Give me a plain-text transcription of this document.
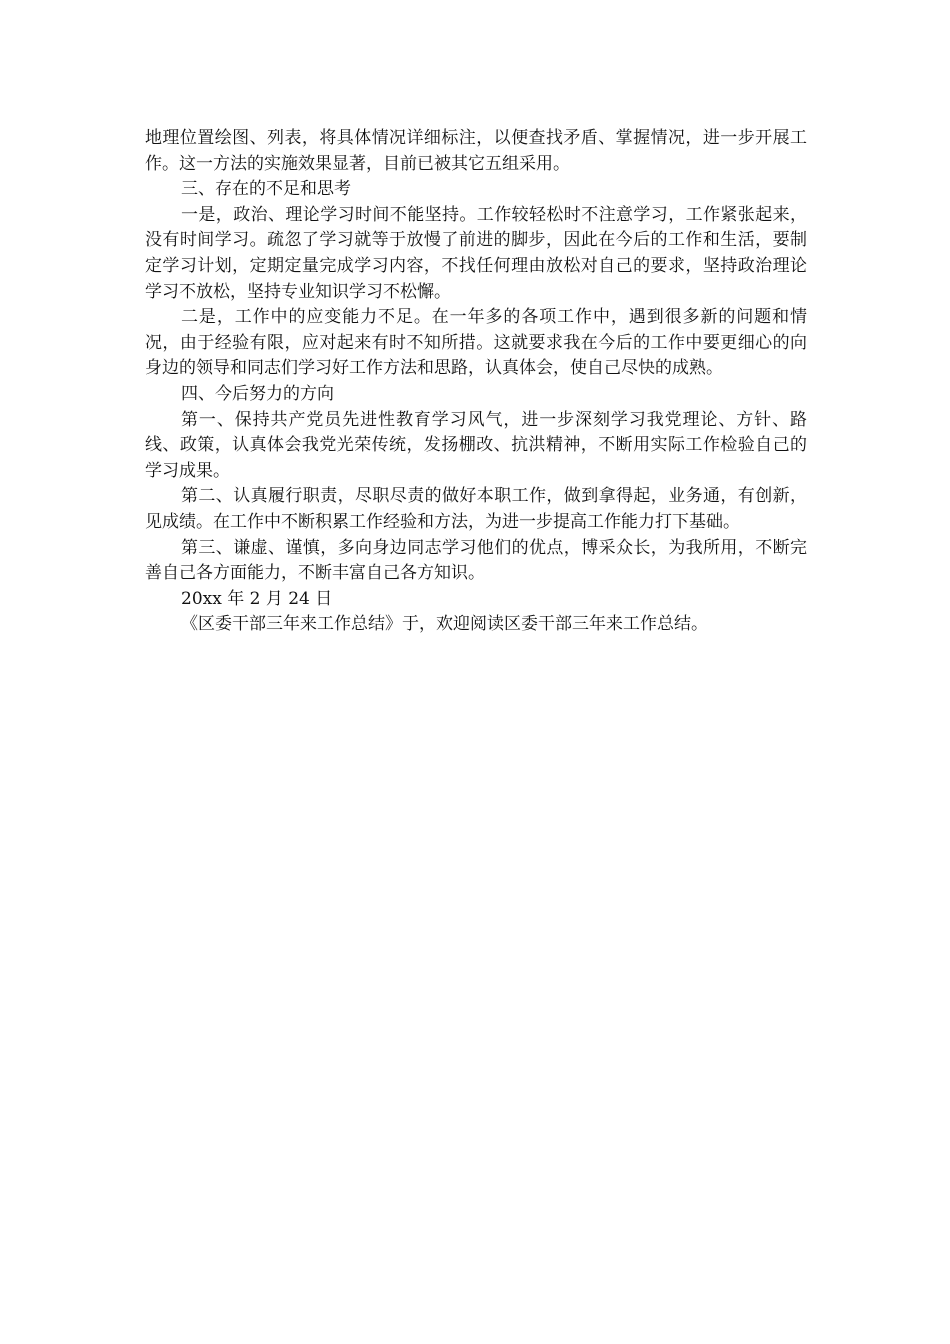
地理位置绘图、列表，将具体情况详细标注，以便查找矛盾、掌握情况，进一步开展工作。这一方法的实施效果显著，目前已被其它五组采用。

三、存在的不足和思考

一是，政治、理论学习时间不能坚持。工作较轻松时不注意学习，工作紧张起来，没有时间学习。疏忽了学习就等于放慢了前进的脚步，因此在今后的工作和生活，要制定学习计划，定期定量完成学习内容，不找任何理由放松对自己的要求，坚持政治理论学习不放松，坚持专业知识学习不松懈。

二是，工作中的应变能力不足。在一年多的各项工作中，遇到很多新的问题和情况，由于经验有限，应对起来有时不知所措。这就要求我在今后的工作中要更细心的向身边的领导和同志们学习好工作方法和思路，认真体会，使自己尽快的成熟。

四、今后努力的方向

第一、保持共产党员先进性教育学习风气，进一步深刻学习我党理论、方针、路线、政策，认真体会我党光荣传统，发扬棚改、抗洪精神，不断用实际工作检验自己的学习成果。

第二、认真履行职责，尽职尽责的做好本职工作，做到拿得起，业务通，有创新，见成绩。在工作中不断积累工作经验和方法，为进一步提高工作能力打下基础。

第三、谦虚、谨慎，多向身边同志学习他们的优点，博采众长，为我所用，不断完善自己各方面能力，不断丰富自己各方知识。

20xx 年 2 月 24 日

《区委干部三年来工作总结》于，欢迎阅读区委干部三年来工作总结。
